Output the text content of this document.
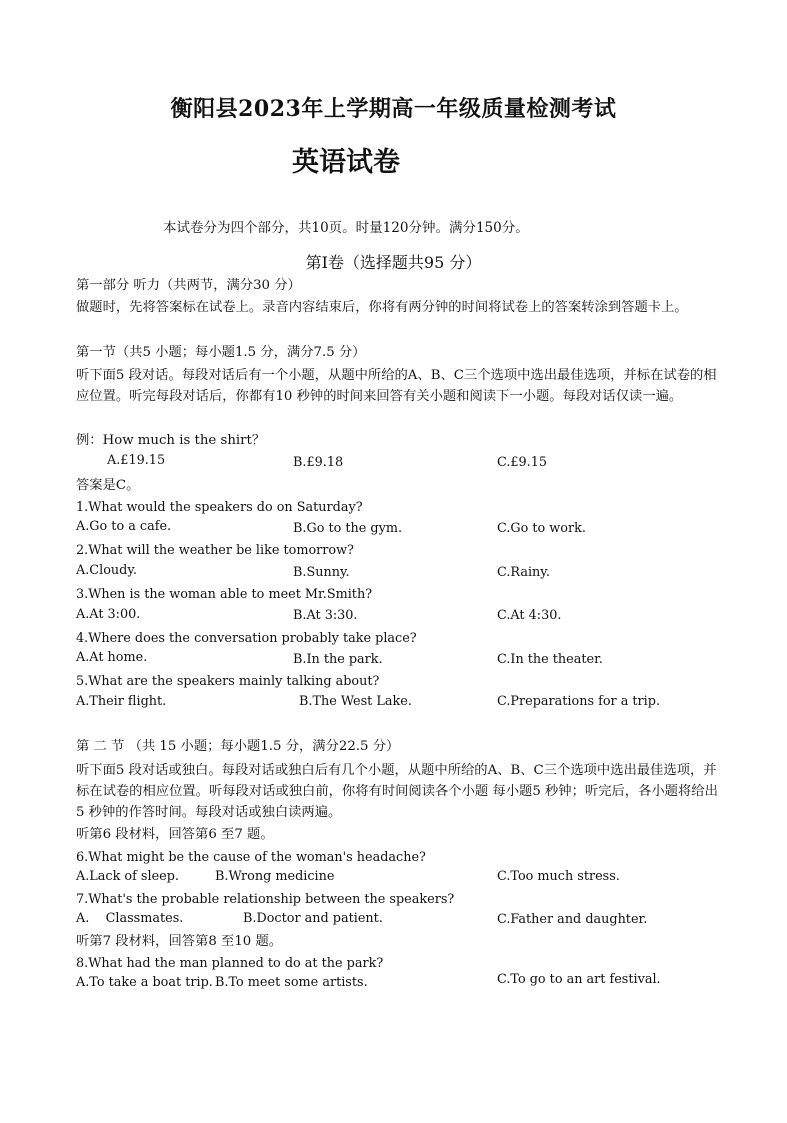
衡阳县2023年上学期高一年级质量检测考试
英语试卷
本试卷分为四个部分，共10页。时量120分钟。满分150分。
第Ⅰ卷（选择题共95 分）
第一部分 听力（共两节，满分30 分）
做题时，先将答案标在试卷上。录音内容结束后，你将有两分钟的时间将试卷上的答案转涂到答题卡上。
第一节（共5 小题；每小题1.5 分，满分7.5 分）
听下面5 段对话。每段对话后有一个小题，从题中所给的A、B、C三个选项中选出最佳选项，并标在试卷的相应位置。听完每段对话后，你都有10 秒钟的时间来回答有关小题和阅读下一小题。每段对话仅读一遍。
例：How much is the shirt？
A.£19.15	B.£9.18	C.£9.15
答案是C。
1.What would the speakers do on Saturday?
A.Go to a cafe.	B.Go to the gym.	C.Go to work.
2.What will the weather be like tomorrow?
A.Cloudy.	B.Sunny.	C.Rainy.
3.When is the woman able to meet Mr.Smith?
A.At 3:00.	B.At 3:30.	C.At 4:30.
4.Where does the conversation probably take place?
A.At home.	B.In the park.	C.In the theater.
5.What are the speakers mainly talking about?
A.Their flight.	B.The West Lake.	C.Preparations for a trip.
第 二 节 （共 15 小题；每小题1.5 分，满分22.5 分）
听下面5 段对话或独白。每段对话或独白后有几个小题，从题中所给的A、B、C三个选项中选出最佳选项，并标在试卷的相应位置。听每段对话或独白前，你将有时间阅读各个小题 每小题5 秒钟；听完后，各小题将给出5 秒钟的作答时间。每段对话或独白读两遍。
听第6 段材料，回答第6 至7 题。
6.What might be the cause of the woman's headache?
A.Lack of sleep.	B.Wrong medicine	C.Too much stress.
7.What's the probable relationship between the speakers?
A.    Classmates.	B.Doctor and patient.	C.Father and daughter.
听第7 段材料，回答第8 至10 题。
8.What had the man planned to do at the park?
A.To take a boat trip. B.To meet some artists.	C.To go to an art festival.
